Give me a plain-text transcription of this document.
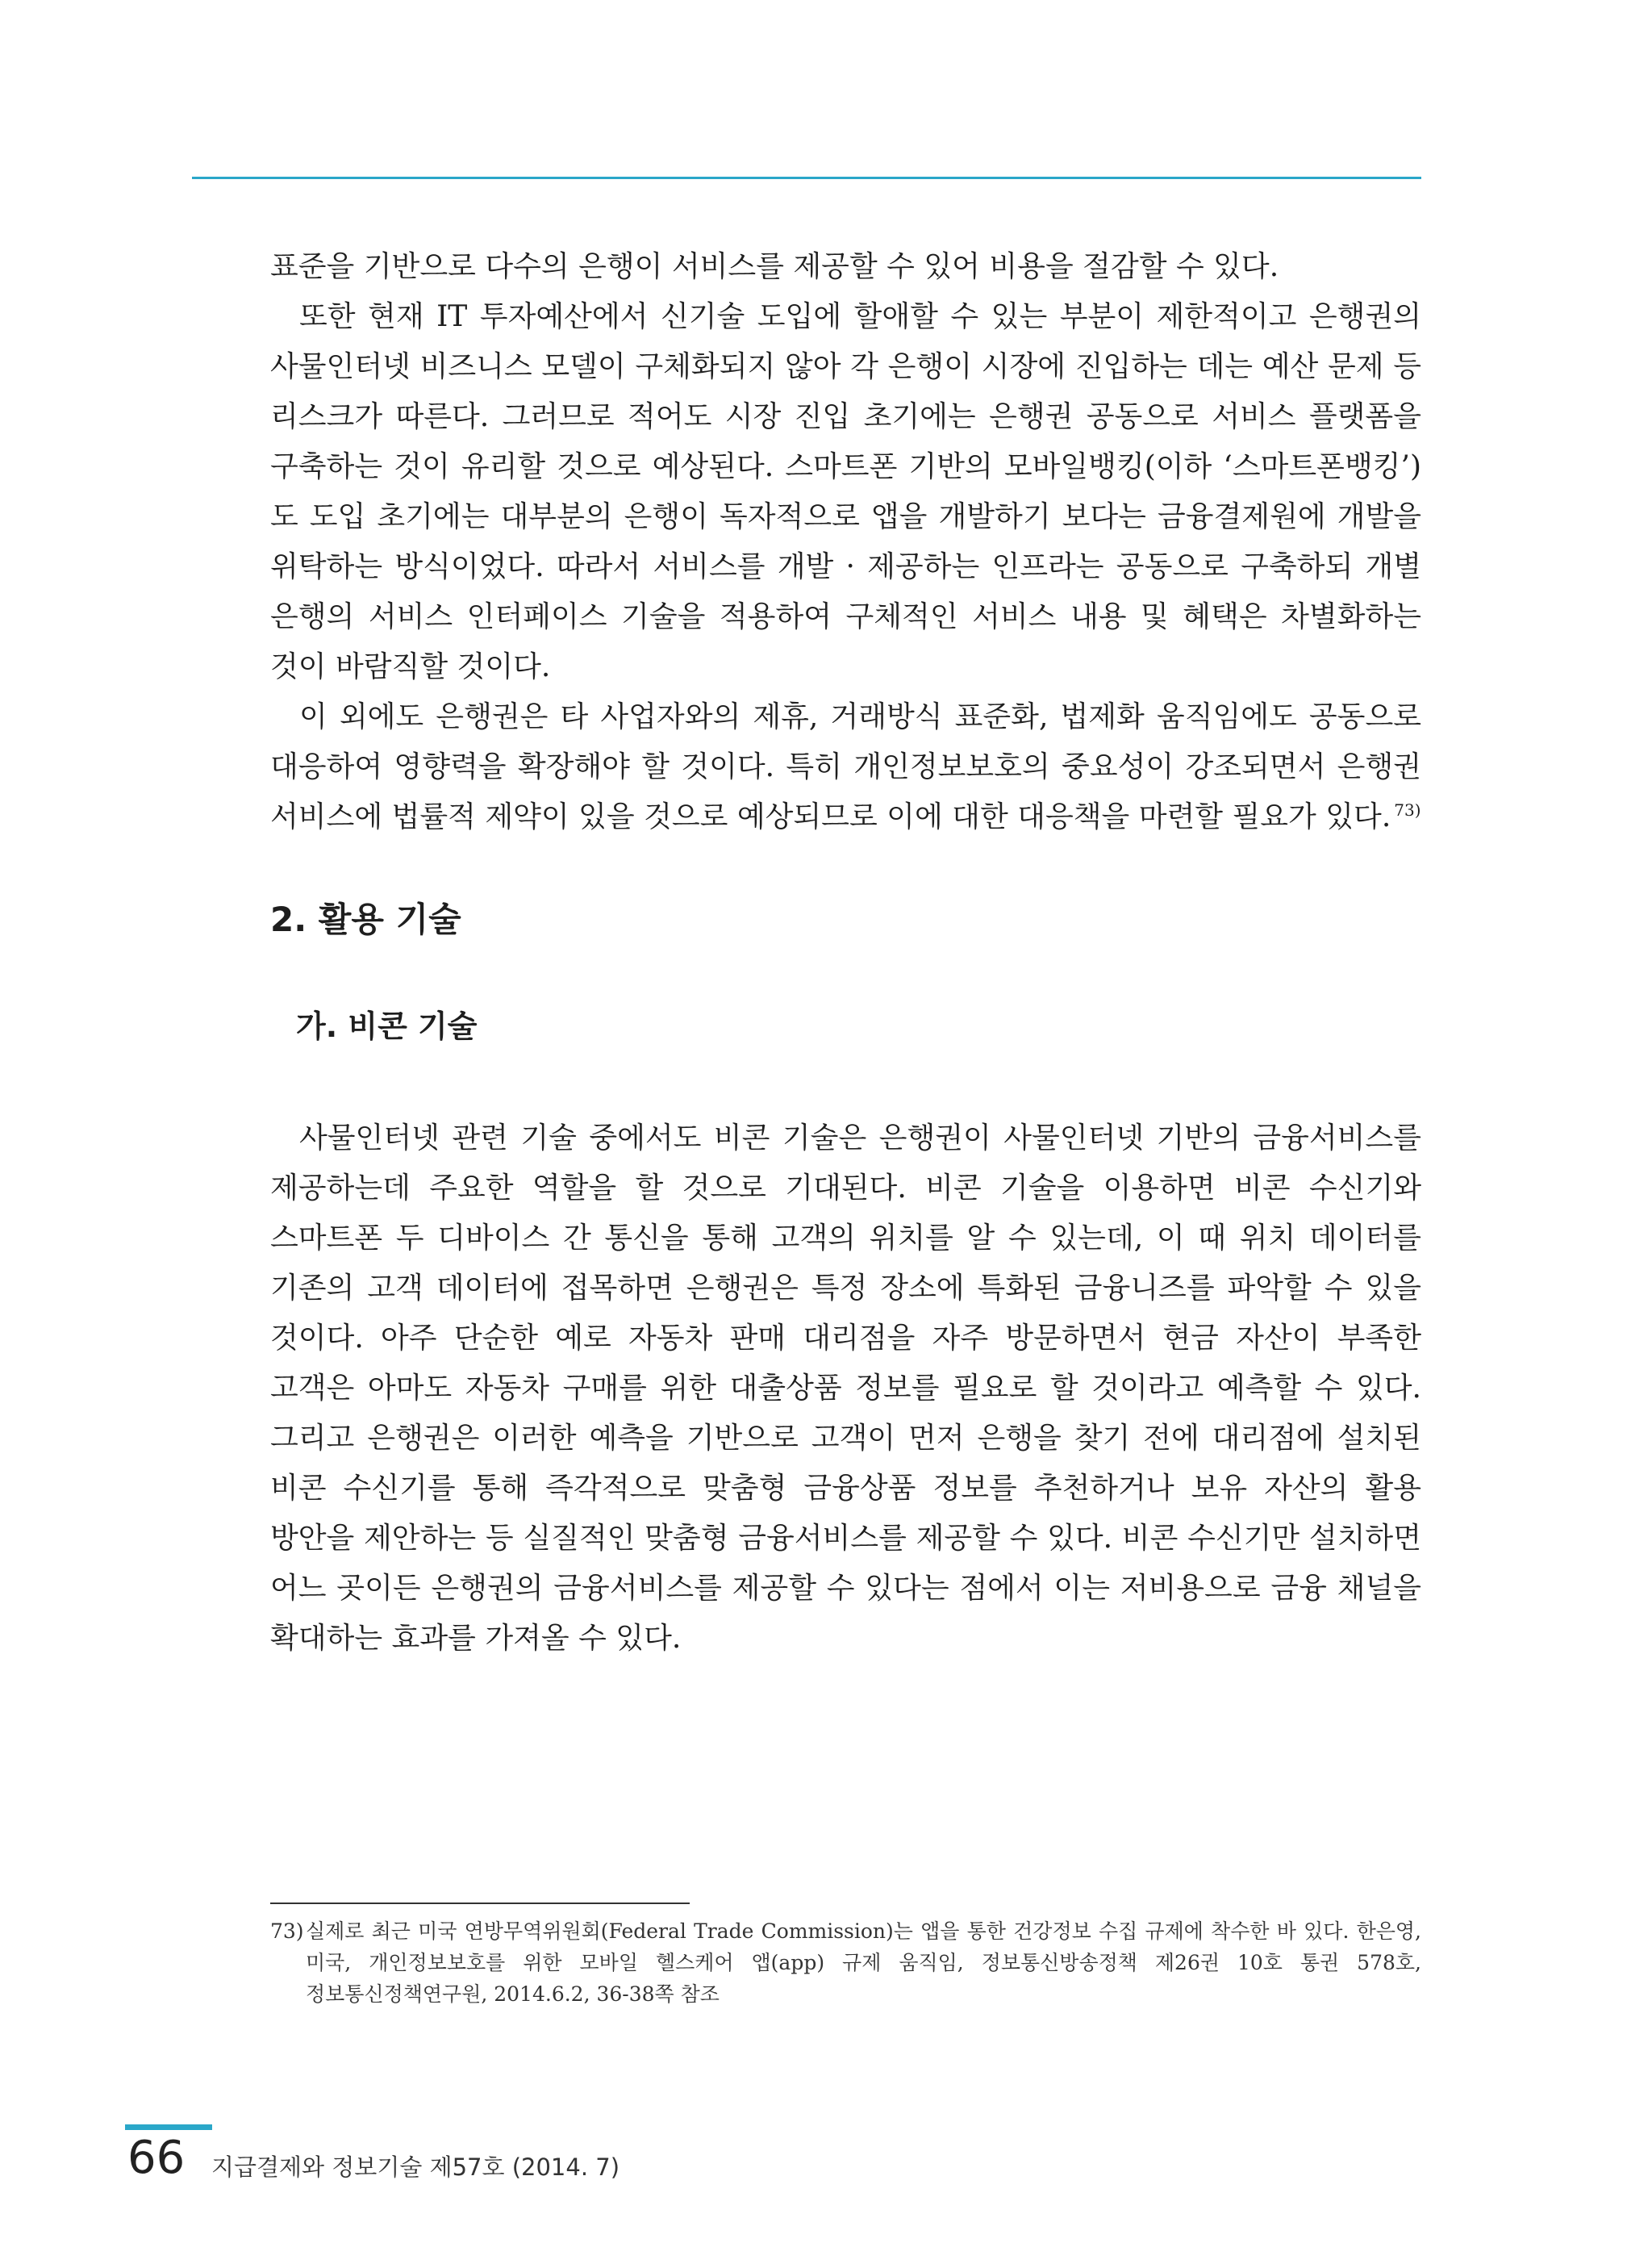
표준을 기반으로 다수의 은행이 서비스를 제공할 수 있어 비용을 절감할 수 있다.

또한 현재 IT 투자예산에서 신기술 도입에 할애할 수 있는 부분이 제한적이고 은행권의 사물인터넷 비즈니스 모델이 구체화되지 않아 각 은행이 시장에 진입하는 데는 예산 문제 등 리스크가 따른다. 그러므로 적어도 시장 진입 초기에는 은행권 공동으로 서비스 플랫폼을 구축하는 것이 유리할 것으로 예상된다. 스마트폰 기반의 모바일뱅킹(이하 ‘스마트폰뱅킹’)도 도입 초기에는 대부분의 은행이 독자적으로 앱을 개발하기 보다는 금융결제원에 개발을 위탁하는 방식이었다. 따라서 서비스를 개발 · 제공하는 인프라는 공동으로 구축하되 개별 은행의 서비스 인터페이스 기술을 적용하여 구체적인 서비스 내용 및 혜택은 차별화하는 것이 바람직할 것이다.

이 외에도 은행권은 타 사업자와의 제휴, 거래방식 표준화, 법제화 움직임에도 공동으로 대응하여 영향력을 확장해야 할 것이다. 특히 개인정보보호의 중요성이 강조되면서 은행권 서비스에 법률적 제약이 있을 것으로 예상되므로 이에 대한 대응책을 마련할 필요가 있다. $^{73)}$

2. 활용 기술
가. 비콘 기술

사물인터넷 관련 기술 중에서도 비콘 기술은 은행권이 사물인터넷 기반의 금융서비스를 제공하는데 주요한 역할을 할 것으로 기대된다. 비콘 기술을 이용하면 비콘 수신기와 스마트폰 두 디바이스 간 통신을 통해 고객의 위치를 알 수 있는데, 이 때 위치 데이터를 기존의 고객 데이터에 접목하면 은행권은 특정 장소에 특화된 금융니즈를 파악할 수 있을 것이다. 아주 단순한 예로 자동차 판매 대리점을 자주 방문하면서 현금 자산이 부족한 고객은 아마도 자동차 구매를 위한 대출상품 정보를 필요로 할 것이라고 예측할 수 있다. 그리고 은행권은 이러한 예측을 기반으로 고객이 먼저 은행을 찾기 전에 대리점에 설치된 비콘 수신기를 통해 즉각적으로 맞춤형 금융상품 정보를 추천하거나 보유 자산의 활용 방안을 제안하는 등 실질적인 맞춤형 금융서비스를 제공할 수 있다. 비콘 수신기만 설치하면 어느 곳이든 은행권의 금융서비스를 제공할 수 있다는 점에서 이는 저비용으로 금융 채널을 확대하는 효과를 가져올 수 있다.

73) 실제로 최근 미국 연방무역위원회(Federal Trade Commission)는 앱을 통한 건강정보 수집 규제에 착수한 바 있다. 한은영, 미국, 개인정보보호를 위한 모바일 헬스케어 앱(app) 규제 움직임, 정보통신방송정책 제26권 10호 통권 578호, 정보통신정책연구원, 2014.6.2, 36-38쪽 참조
66 지급결제와 정보기술 제57호 (2014. 7)
